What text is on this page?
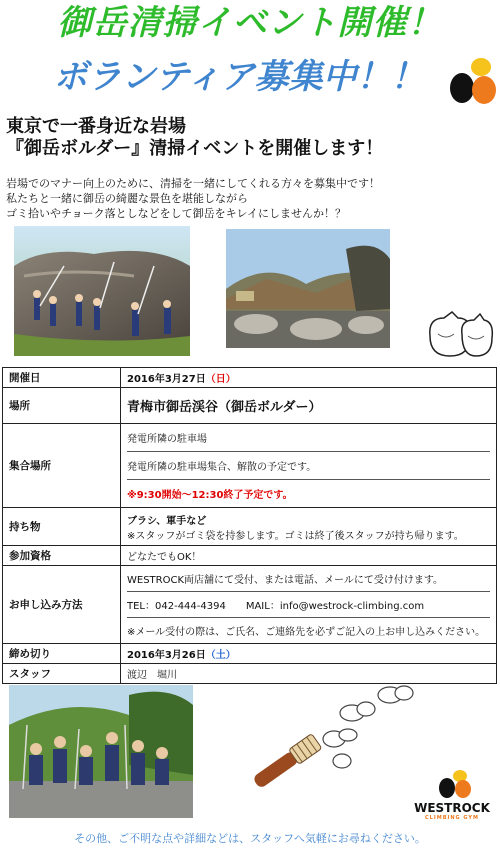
御岳清掃イベント開催！
ボランティア募集中！！
東京で一番身近な岩場
『御岳ボルダー』清掃イベントを開催します！
岩場でのマナー向上のために、清掃を一緒にしてくれる方々を募集中です！
私たちと一緒に御岳の綺麗な景色を堪能しながら
ゴミ拾いやチョーク落としなどをして御岳をキレイにしませんか！？
開催日	2016年3月27日（日）
場所	青梅市御岳渓谷（御岳ボルダー）
集合場所	発電所隣の駐車場
発電所隣の駐車場集合、解散の予定です。
※9:30開始～12:30終了予定です。

持ち物	ブラシ、軍手など
※スタッフがゴミ袋を持参します。ゴミは終了後スタッフが持ち帰ります。

参加資格	どなたでもOK！
お申し込み方法	WESTROCK両店舗にて受付、または電話、メールにて受け付けます。
TEL：042-444-4394　　MAIL：info@westrock-climbing.com
※メール受付の際は、ご氏名、ご連絡先を必ずご記入の上お申し込みください。

締め切り	2016年3月26日（土）
スタッフ	渡辺　堀川
WESTROCK
CLIMBING GYM
その他、ご不明な点や詳細などは、スタッフへ気軽にお尋ねください。
